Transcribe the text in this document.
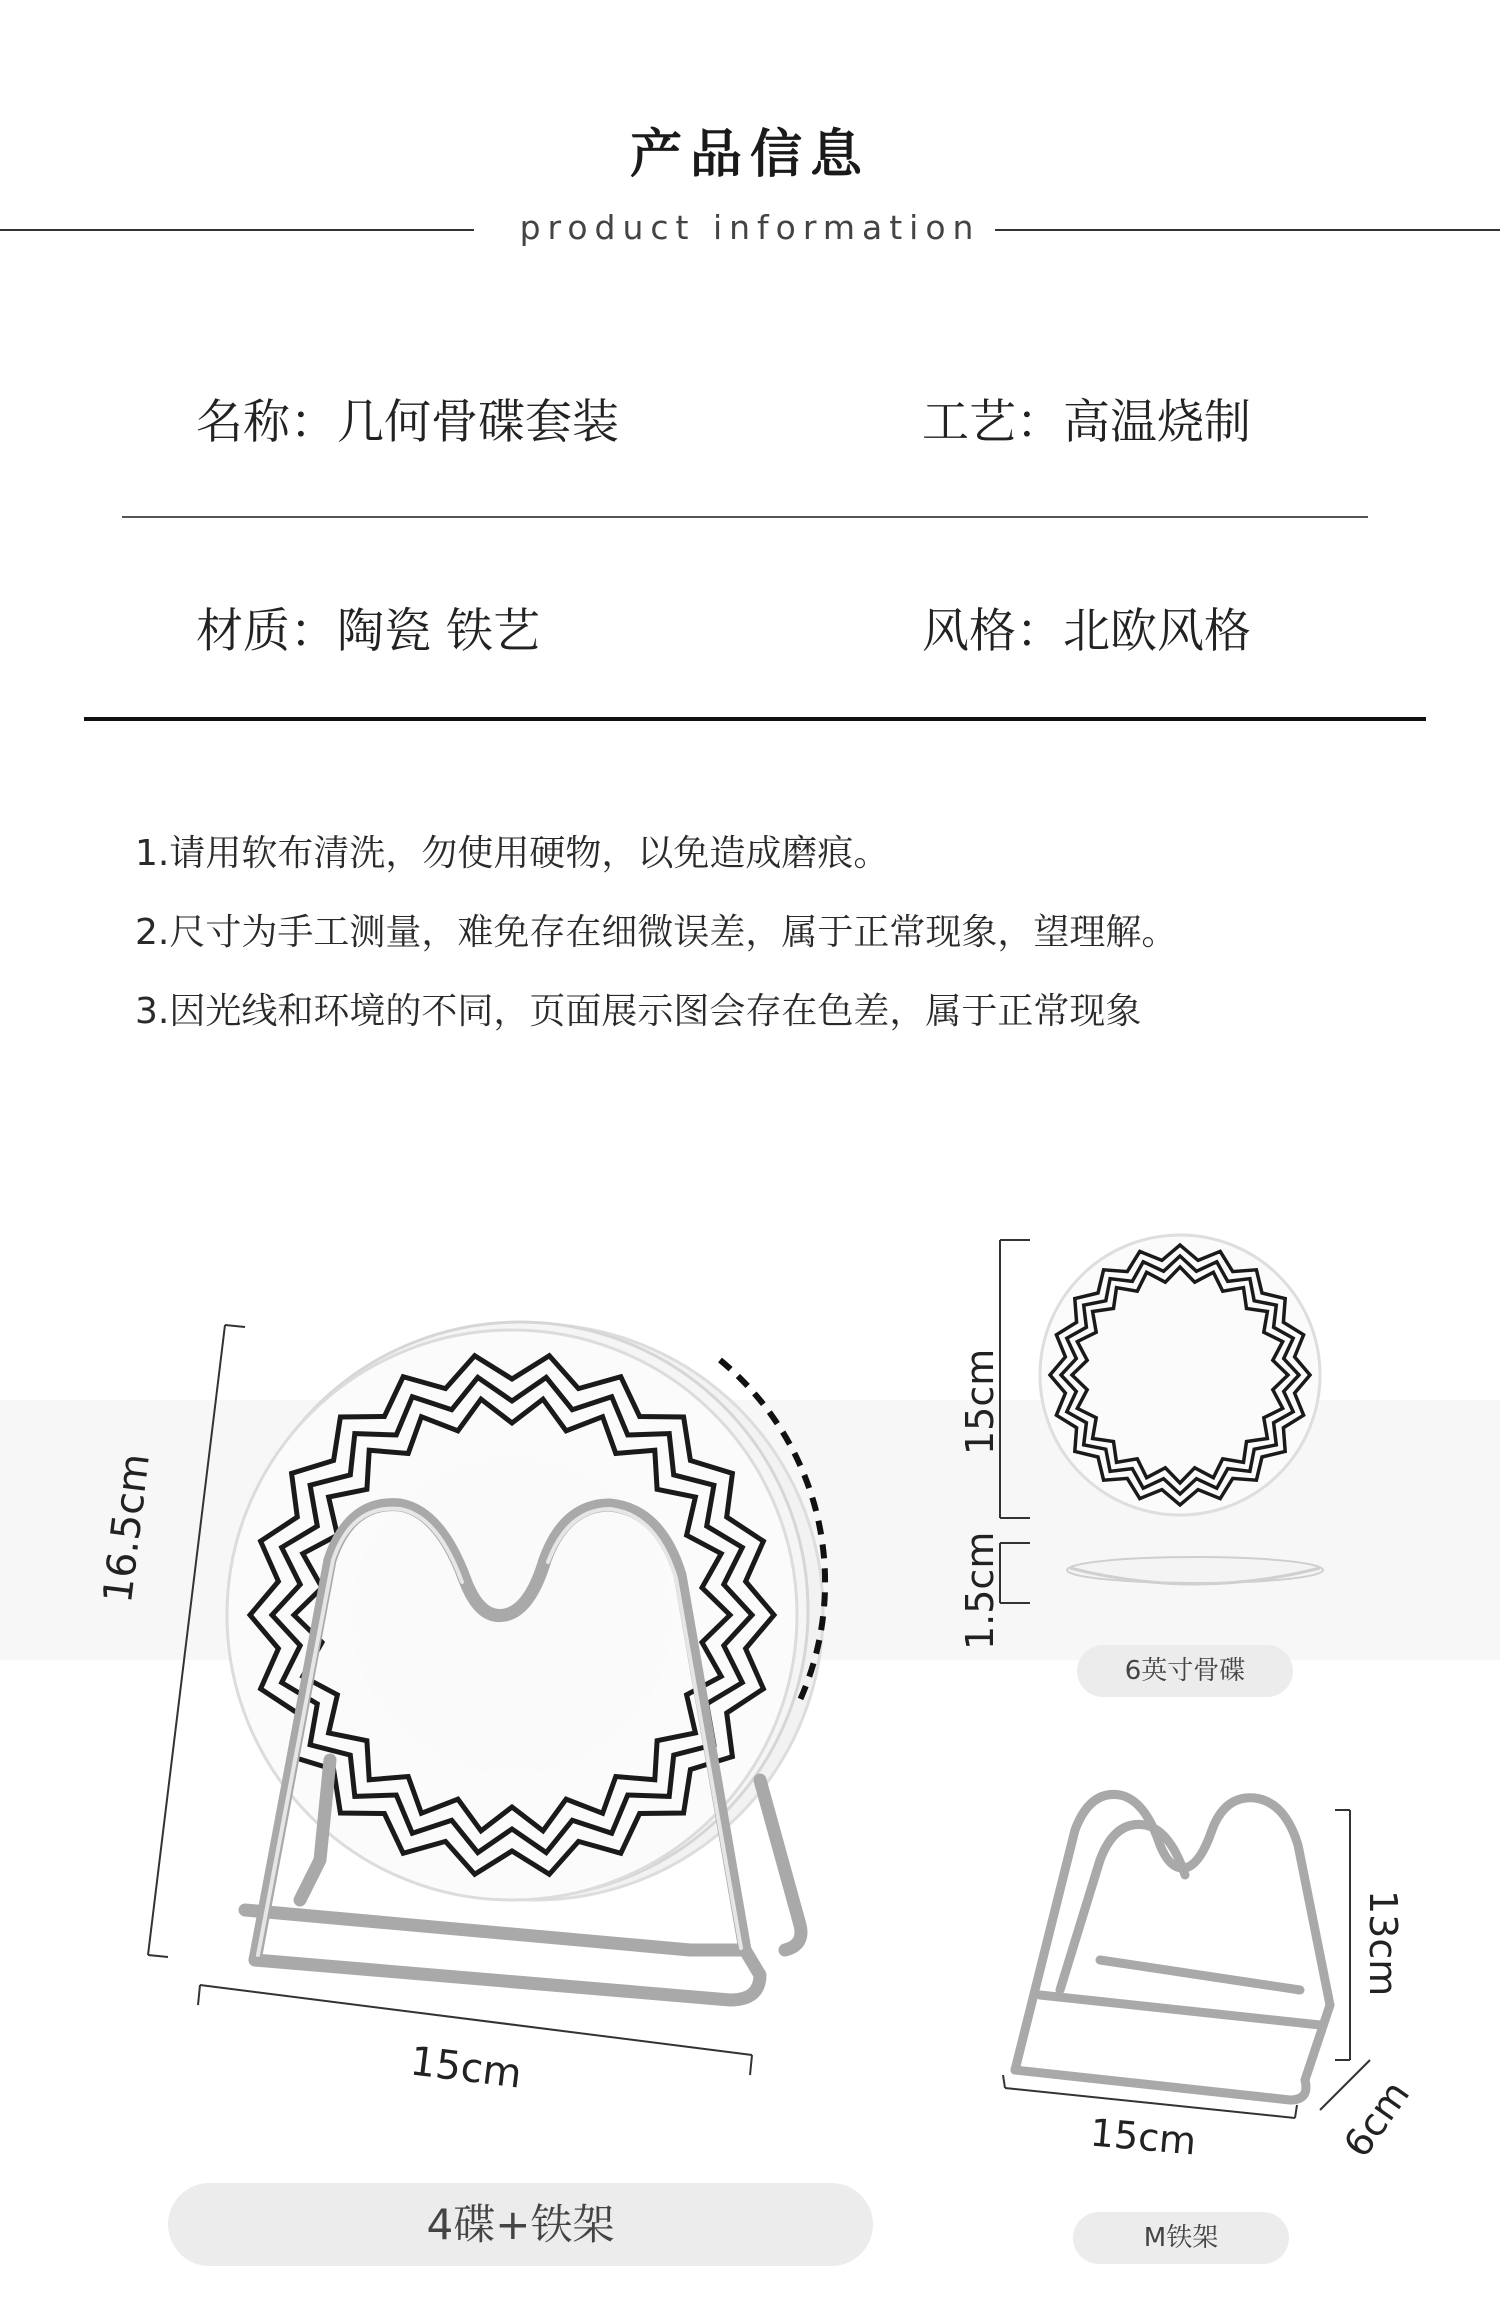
产品信息
product information
名称 ： 几何骨碟套装	工艺 ： 高温烧制
材质 ： 陶瓷 铁艺	风格 ： 北欧风格
1.请用软布清洗，勿使用硬物，以免造成磨痕。
2.尺寸为手工测量，难免存在细微误差，属于正常现象，望理解。
3.因光线和环境的不同，页面展示图会存在色差，属于正常现象
16.5cm
15cm
15cm
1.5cm
13cm
15cm	6cm
4碟+铁架
6英寸骨碟
M铁架
